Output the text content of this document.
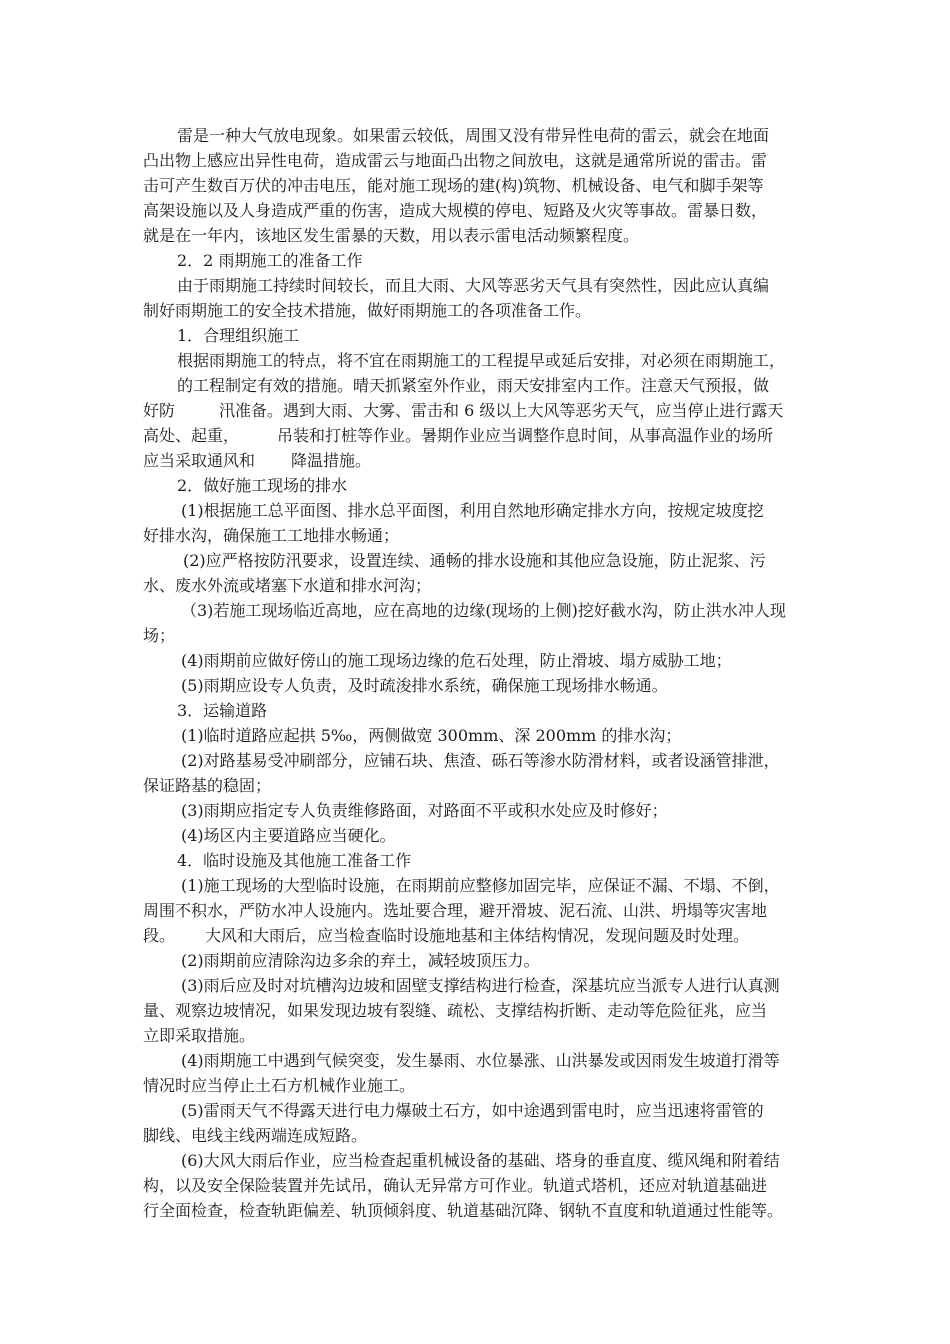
雷是一种大气放电现象。如果雷云较低，周围又没有带异性电荷的雷云，就会在地面
凸出物上感应出异性电荷，造成雷云与地面凸出物之间放电，这就是通常所说的雷击。雷
击可产生数百万伏的冲击电压，能对施工现场的建(构)筑物、机械设备、电气和脚手架等
高架设施以及人身造成严重的伤害，造成大规模的停电、短路及火灾等事故。雷暴日数，
就是在一年内，该地区发生雷暴的天数，用以表示雷电活动频繁程度。
2．2 雨期施工的准备工作
由于雨期施工持续时间较长，而且大雨、大风等恶劣天气具有突然性，因此应认真编
制好雨期施工的安全技术措施，做好雨期施工的各项准备工作。
1．合理组织施工
根据雨期施工的特点，将不宜在雨期施工的工程提早或延后安排，对必须在雨期施工，
的工程制定有效的措施。晴天抓紧室外作业，雨天安排室内工作。注意天气预报，做
好防	汛准备。遇到大雨、大雾、雷击和 6 级以上大风等恶劣天气，应当停止进行露天
高处、起重， 吊装和打桩等作业。暑期作业应当调整作息时间，从事高温作业的场所
应当采取通风和 降温措施。
2．做好施工现场的排水
(1)根据施工总平面图、排水总平面图，利用自然地形确定排水方向，按规定坡度挖
好排水沟，确保施工工地排水畅通；
(2)应严格按防汛要求，设置连续、通畅的排水设施和其他应急设施，防止泥浆、污
水、废水外流或堵塞下水道和排水河沟；
（3)若施工现场临近高地，应在高地的边缘(现场的上侧)挖好截水沟，防止洪水冲人现
场；
(4)雨期前应做好傍山的施工现场边缘的危石处理，防止滑坡、塌方威胁工地；
(5)雨期应设专人负责，及时疏浚排水系统，确保施工现场排水畅通。
3．运输道路
(1)临时道路应起拱 5‰，两侧做宽 300mm、深 200mm 的排水沟；
(2)对路基易受冲刷部分，应铺石块、焦渣、砾石等渗水防滑材料，或者设涵管排泄，
保证路基的稳固；
(3)雨期应指定专人负责维修路面，对路面不平或积水处应及时修好；
(4)场区内主要道路应当硬化。
4．临时设施及其他施工准备工作
(1)施工现场的大型临时设施，在雨期前应整修加固完毕，应保证不漏、不塌、不倒，
周围不积水，严防水冲人设施内。选址要合理，避开滑坡、泥石流、山洪、坍塌等灾害地
段。 大风和大雨后，应当检查临时设施地基和主体结构情况，发现问题及时处理。
(2)雨期前应清除沟边多余的弃土，减轻坡顶压力。
(3)雨后应及时对坑槽沟边坡和固壁支撑结构进行检查，深基坑应当派专人进行认真测
量、观察边坡情况，如果发现边坡有裂缝、疏松、支撑结构折断、走动等危险征兆，应当
立即采取措施。
(4)雨期施工中遇到气候突变，发生暴雨、水位暴涨、山洪暴发或因雨发生坡道打滑等
情况时应当停止土石方机械作业施工。
(5)雷雨天气不得露天进行电力爆破土石方，如中途遇到雷电时，应当迅速将雷管的
脚线、电线主线两端连成短路。
(6)大风大雨后作业，应当检查起重机械设备的基础、塔身的垂直度、缆风绳和附着结
构，以及安全保险装置并先试吊，确认无异常方可作业。轨道式塔机，还应对轨道基础进
行全面检查，检查轨距偏差、轨顶倾斜度、轨道基础沉降、钢轨不直度和轨道通过性能等。
